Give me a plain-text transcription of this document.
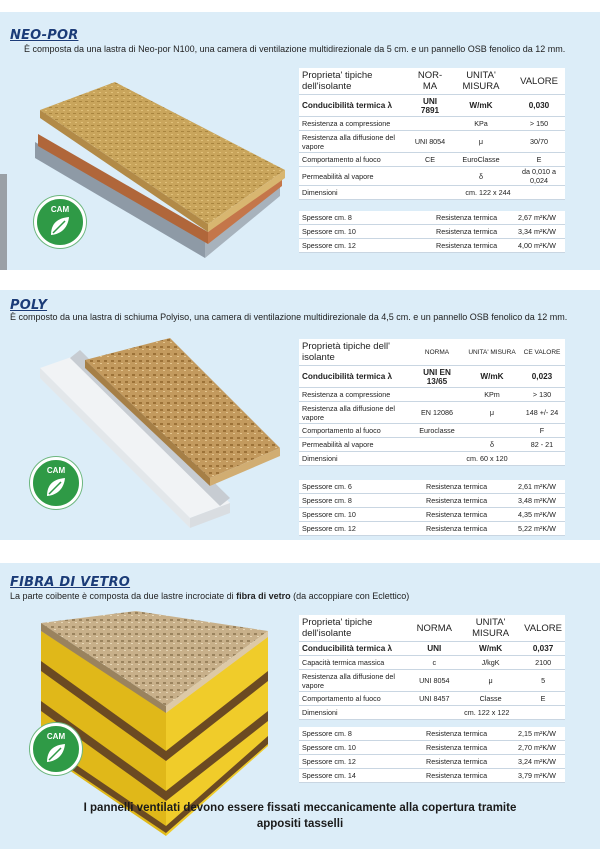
NEO-POR
È composta da una lastra di Neo-por N100, una camera di ventilazione multidirezionale da 5 cm. e un pannello OSB fenolico da 12 mm.
CAM
Proprieta' tipiche dell'isolante	NOR-MA	UNITA' MISURA	VALORE
Conducibilità termica λ	UNI 7891	W/mK	0,030
Resistenza a compressione		KPa	> 150
Resistenza alla diffusione del vapore	UNI 8054	μ	30/70
Comportamento al fuoco	CE	EuroClasse	E
Permeabilità al vapore		δ	da 0,010 a 0,024
Dimensioni	cm. 122 x 244		
Spessore cm. 8	Resistenza termica	2,67 m²K/W
Spessore cm. 10	Resistenza termica	3,34 m²K/W
Spessore cm. 12	Resistenza termica	4,00 m²K/W
POLY
È composto da una lastra di schiuma Polyiso, una camera di ventilazione multidirezionale da 4,5 cm. e un pannello OSB fenolico da 12 mm.
CAM
Proprietà tipiche dell' isolante	NORMA	UNITA' MISURA	CE VALORE
Conducibilità termica λ	UNI EN 13/65	W/mK	0,023
Resistenza a compressione		KPm	> 130
Resistenza alla diffusione del vapore	EN 12086	μ	148 +/- 24
Comportamento al fuoco	Euroclasse		F
Permeabilità al vapore		δ	82 - 21
Dimensioni	cm. 60 x 120		
Spessore cm. 6	Resistenza termica	2,61 m²K/W
Spessore cm. 8	Resistenza termica	3,48 m²K/W
Spessore cm. 10	Resistenza termica	4,35 m²K/W
Spessore cm. 12	Resistenza termica	5,22 m²K/W
FIBRA DI VETRO
La parte coibente è composta da due lastre incrociate di fibra di vetro (da accoppiare con Eclettico)
CAM
Proprieta' tipiche dell'isolante	NORMA	UNITA' MISURA	VALORE
Conducibilità termica λ	UNI	W/mK	0,037
Capacità termica massica	c	J/kgK	2100
Resistenza alla diffusione del vapore	UNI 8054	μ	5
Comportamento al fuoco	UNI 8457	Classe	E
Dimensioni	cm. 122 x 122		
Spessore cm. 8	Resistenza termica	2,15 m²K/W
Spessore cm. 10	Resistenza termica	2,70 m²K/W
Spessore cm. 12	Resistenza termica	3,24 m²K/W
Spessore cm. 14	Resistenza termica	3,79 m²K/W
I pannelli ventilati devono essere fissati meccanicamente alla copertura tramite
appositi tasselli
